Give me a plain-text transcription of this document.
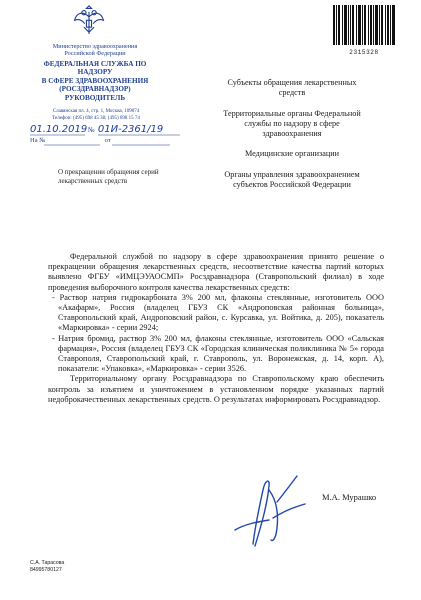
Министерство здравоохранения
Российской Федерации
ФЕДЕРАЛЬНАЯ СЛУЖБА ПО НАДЗОРУ
В СФЕРЕ ЗДРАВООХРАНЕНИЯ
(РОСЗДРАВНАДЗОР)
РУКОВОДИТЕЛЬ
Славянская пл. 4, стр. 1, Москва, 109074
Телефон: (495) 698 45 38; (495) 698 15 74
01.10.2019 № 01И-2361/19
На №	от
О прекращении обращения серий лекарственных средств
2315328

Субъекты обращения лекарственных средств

Территориальные органы Федеральной службы по надзору в сфере здравоохранения

Медицинские организации

Органы управления здравоохранением субъектов Российской Федерации

Федеральной службой по надзору в сфере здравоохранения принято решение о прекращении обращения лекарственных средств, несоответствие качества партий которых выявлено ФГБУ «ИМЦЭУАОСМП» Росздравнадзора (Ставропольский филиал) в ходе проведения выборочного контроля качества лекарственных средств:

- Раствор натрия гидрокарбоната 3% 200 мл, флаконы стеклянные, изготовитель ООО «Акафарм», Россия (владелец ГБУЗ СК «Андроповская районная больница», Ставропольский край, Андроповский район, с. Курсавка, ул. Войтика, д. 205), показатель «Маркировка» - серии 2924;
- Натрия бромид, раствор 3% 200 мл, флаконы стеклянные, изготовитель ООО «Сальская фармация», Россия (владелец ГБУЗ СК «Городская клиническая поликлиника № 5» города Ставрополя, Ставропольский край, г. Ставрополь, ул. Воронежская, д. 14, корп. А), показатели: «Упаковка», «Маркировка» - серии 3526.

Территориальному органу Росздравнадзора по Ставропольскому краю обеспечить контроль за изъятием и уничтожением в установленном порядке указанных партий недоброкачественных лекарственных средств. О результатах информировать Росздравнадзор.

М.А. Мурашко
С.А. Тарасова
84995780127
